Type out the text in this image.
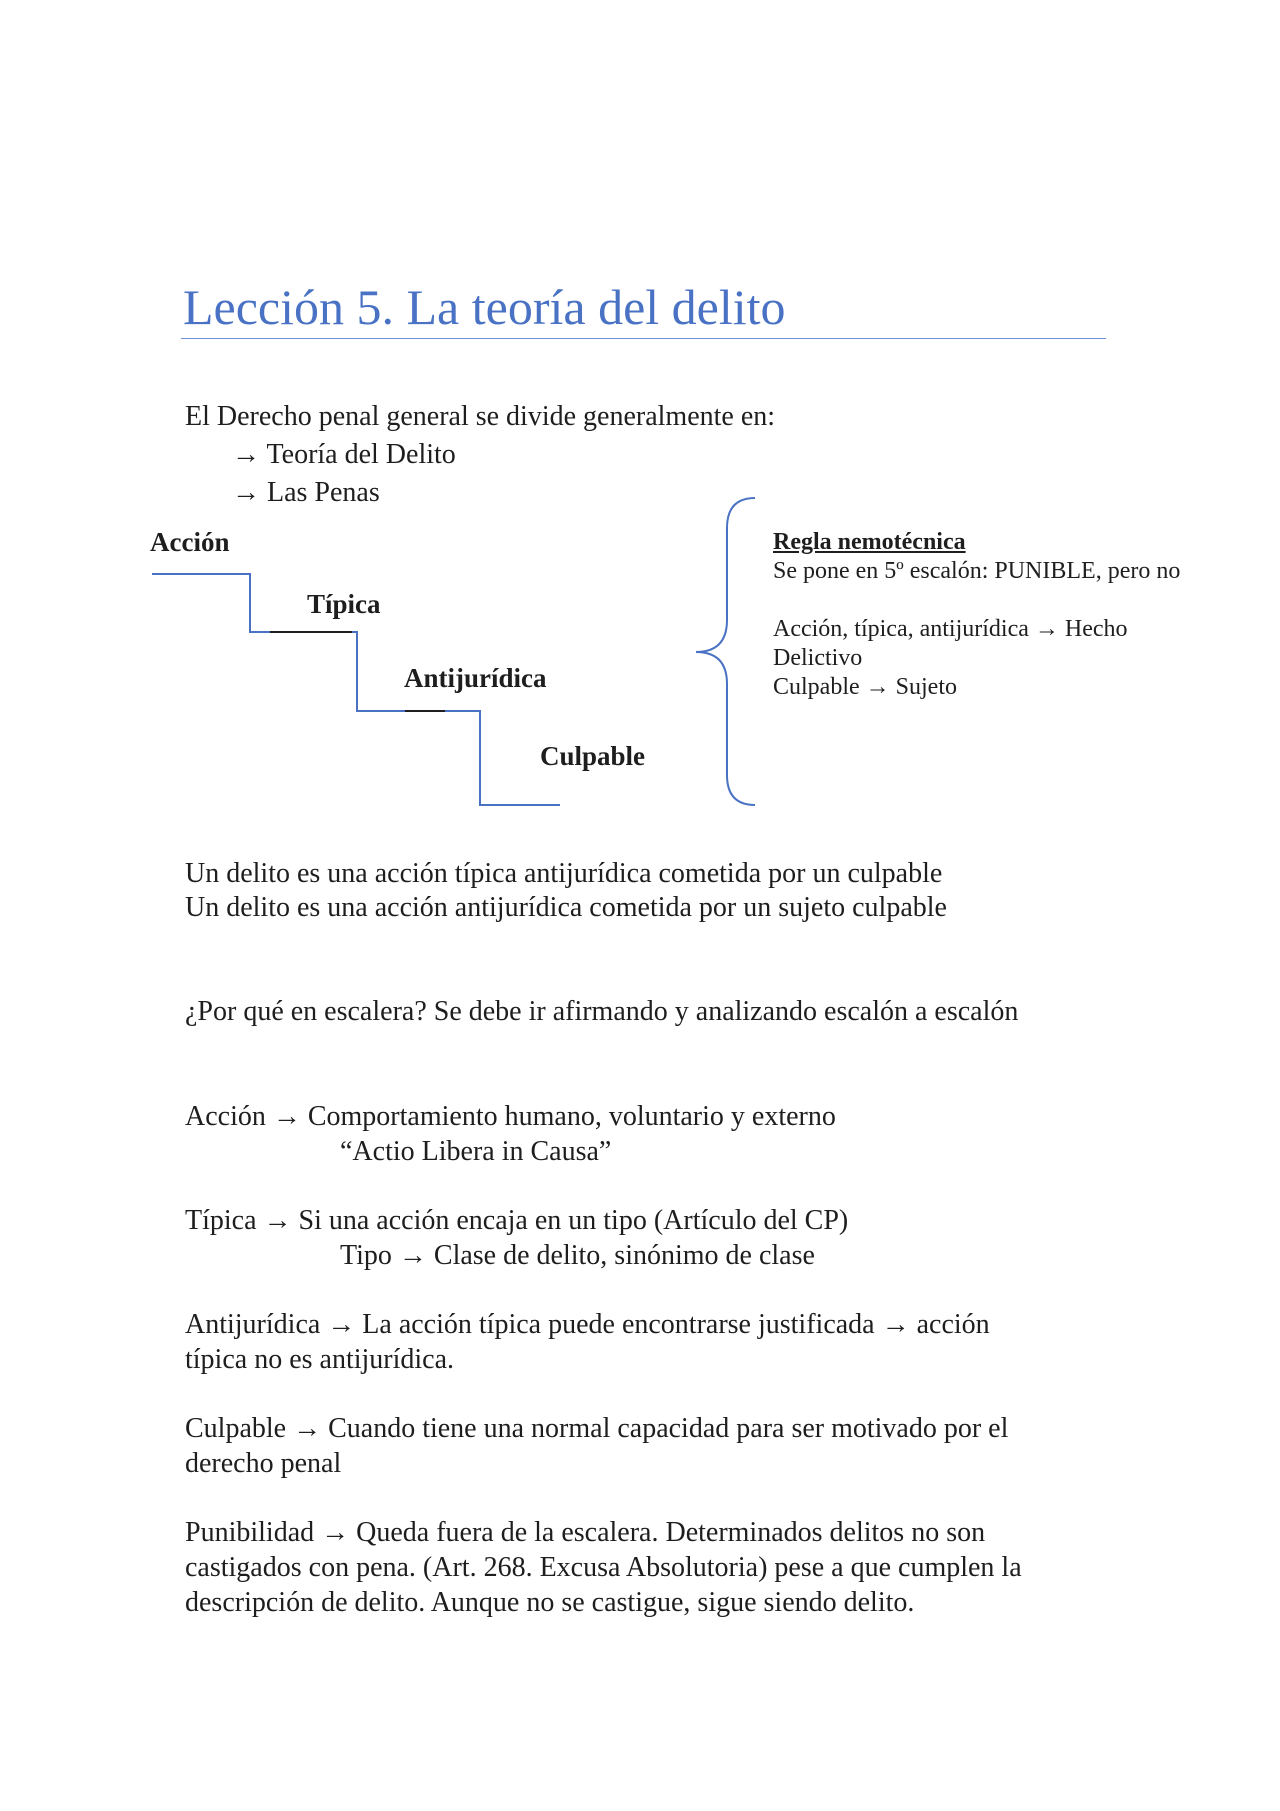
Lección 5. La teoría del delito
El Derecho penal general se divide generalmente en:
→ Teoría del Delito
→ Las Penas
Acción
Típica
Antijurídica
Culpable
Regla nemotécnica
Se pone en 5º escalón: PUNIBLE, pero no
Acción, típica, antijurídica → Hecho
Delictivo
Culpable → Sujeto
Un delito es una acción típica antijurídica cometida por un culpable
Un delito es una acción antijurídica cometida por un sujeto culpable
¿Por qué en escalera? Se debe ir afirmando y analizando escalón a escalón
Acción → Comportamiento humano, voluntario y externo
“Actio Libera in Causa”
Típica → Si una acción encaja en un tipo (Artículo del CP)
Tipo → Clase de delito, sinónimo de clase
Antijurídica → La acción típica puede encontrarse justificada → acción
típica no es antijurídica.
Culpable → Cuando tiene una normal capacidad para ser motivado por el
derecho penal
Punibilidad → Queda fuera de la escalera. Determinados delitos no son
castigados con pena. (Art. 268. Excusa Absolutoria) pese a que cumplen la
descripción de delito. Aunque no se castigue, sigue siendo delito.
